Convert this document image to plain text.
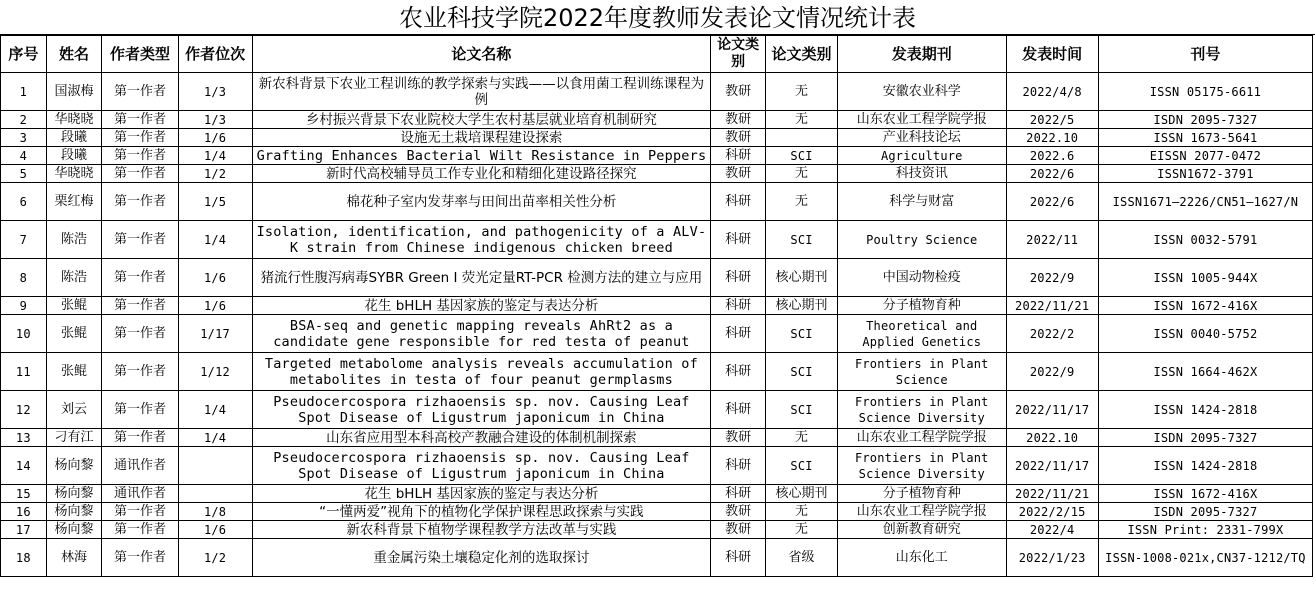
农业科技学院2022年度教师发表论文情况统计表
序号	姓名	作者类型	作者位次	论文名称	论文类别	论文类别	发表期刊	发表时间	刊号
1	国淑梅	第一作者	1/3	新农科背景下农业工程训练的教学探索与实践——以食用菌工程训练课程为例	教研	无	安徽农业科学	2022/4/8	ISSN 05175-6611
2	华晓晓	第一作者	1/3	乡村振兴背景下农业院校大学生农村基层就业培育机制研究	教研	无	山东农业工程学院学报	2022/5	ISDN 2095-7327
3	段曦	第一作者	1/6	设施无土栽培课程建设探索	教研		产业科技论坛	2022.10	ISSN 1673-5641
4	段曦	第一作者	1/4	Grafting Enhances Bacterial Wilt Resistance in Peppers	科研	SCI	Agriculture	2022.6	EISSN 2077-0472
5	华晓晓	第一作者	1/2	新时代高校辅导员工作专业化和精细化建设路径探究	教研	无	科技资讯	2022/6	ISSN1672-3791
6	栗红梅	第一作者	1/5	棉花种子室内发芽率与田间出苗率相关性分析	科研	无	科学与财富	2022/6	ISSN1671—2226/CN51—1627/N
7	陈浩	第一作者	1/4	Isolation, identification, and pathogenicity of a ALV-K strain from Chinese indigenous chicken breed	科研	SCI	Poultry Science	2022/11	ISSN 0032-5791
8	陈浩	第一作者	1/6	猪流行性腹泻病毒SYBR Green I 荧光定量RT-PCR 检测方法的建立与应用	科研	核心期刊	中国动物检疫	2022/9	ISSN 1005-944X
9	张鲲	第一作者	1/6	花生 bHLH 基因家族的鉴定与表达分析	科研	核心期刊	分子植物育种	2022/11/21	ISSN 1672-416X
10	张鲲	第一作者	1/17	BSA-seq and genetic mapping reveals AhRt2 as a candidate gene responsible for red testa of peanut	科研	SCI	Theoretical and Applied Genetics	2022/2	ISSN 0040-5752
11	张鲲	第一作者	1/12	Targeted metabolome analysis reveals accumulation of metabolites in testa of four peanut germplasms	科研	SCI	Frontiers in Plant Science	2022/9	ISSN 1664-462X
12	刘云	第一作者	1/4	Pseudocercospora rizhaoensis sp. nov. Causing Leaf Spot Disease of Ligustrum japonicum in China	科研	SCI	Frontiers in Plant Science Diversity	2022/11/17	ISSN 1424-2818
13	刁有江	第一作者	1/4	山东省应用型本科高校产教融合建设的体制机制探索	教研	无	山东农业工程学院学报	2022.10	ISDN 2095-7327
14	杨向黎	通讯作者		Pseudocercospora rizhaoensis sp. nov. Causing Leaf Spot Disease of Ligustrum japonicum in China	科研	SCI	Frontiers in Plant Science Diversity	2022/11/17	ISSN 1424-2818
15	杨向黎	通讯作者		花生 bHLH 基因家族的鉴定与表达分析	科研	核心期刊	分子植物育种	2022/11/21	ISSN 1672-416X
16	杨向黎	第一作者	1/8	“一懂两爱”视角下的植物化学保护课程思政探索与实践	教研	无	山东农业工程学院学报	2022/2/15	ISDN 2095-7327
17	杨向黎	第一作者	1/6	新农科背景下植物学课程教学方法改革与实践	教研	无	创新教育研究	2022/4	ISSN Print: 2331-799X
18	林海	第一作者	1/2	重金属污染土壤稳定化剂的选取探讨	科研	省级	山东化工	2022/1/23	ISSN-1008-021x,CN37-1212/TQ
